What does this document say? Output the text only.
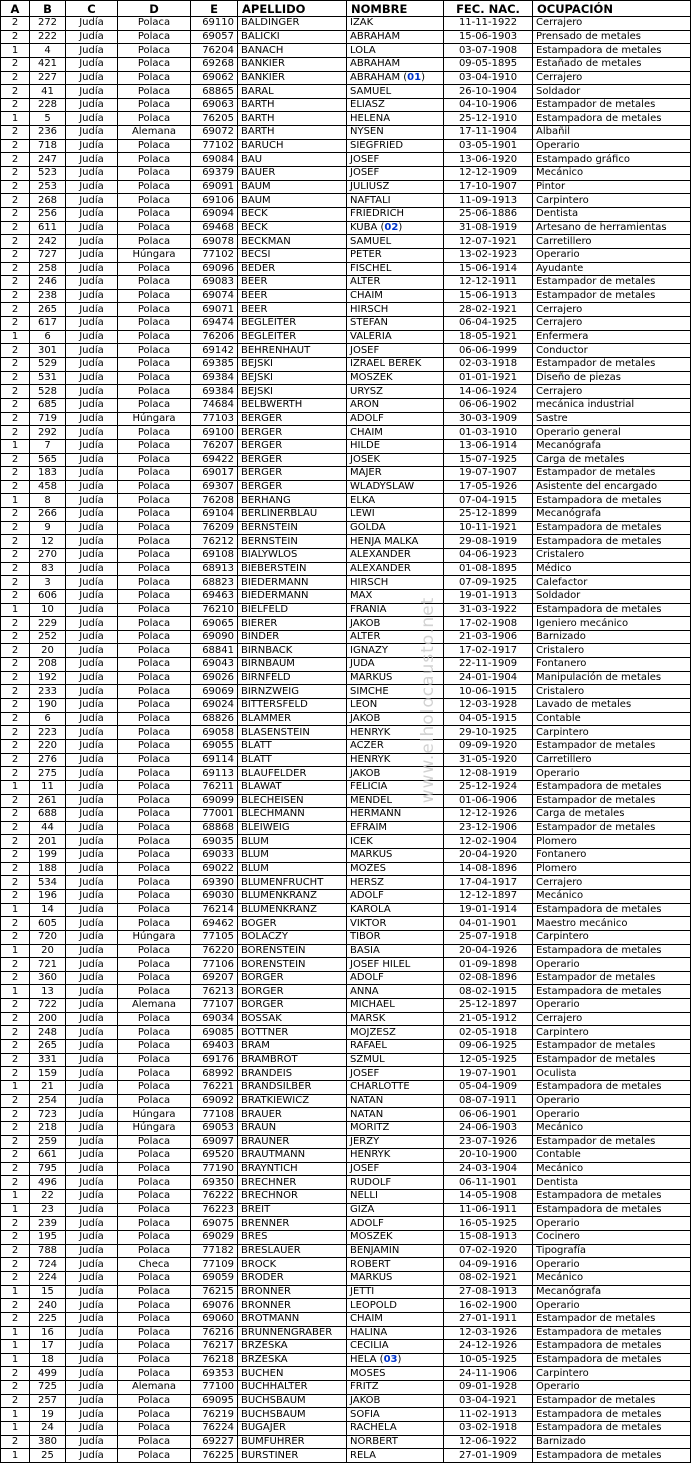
A	B	C	D	E	APELLIDO	NOMBRE	FEC. NAC.	OCUPACIÓN
2	272	Judía	Polaca	69110	BALDINGER	IZAK	11-11-1922	Cerrajero
2	222	Judía	Polaca	69057	BALICKI	ABRAHAM	15-06-1903	Prensado de metales
1	4	Judía	Polaca	76204	BANACH	LOLA	03-07-1908	Estampadora de metales
2	421	Judía	Polaca	69268	BANKIER	ABRAHAM	09-05-1895	Estañado de metales
2	227	Judía	Polaca	69062	BANKIER	ABRAHAM ( 01 )	03-04-1910	Cerrajero
2	41	Judía	Polaca	68865	BARAL	SAMUEL	26-10-1904	Soldador
2	228	Judía	Polaca	69063	BARTH	ELIASZ	04-10-1906	Estampador de metales
1	5	Judía	Polaca	76205	BARTH	HELENA	25-12-1910	Estampadora de metales
2	236	Judía	Alemana	69072	BARTH	NYSEN	17-11-1904	Albañil
2	718	Judía	Polaca	77102	BARUCH	SIEGFRIED	03-05-1901	Operario
2	247	Judía	Polaca	69084	BAU	JOSEF	13-06-1920	Estampado gráfico
2	523	Judía	Polaca	69379	BAUER	JOSEF	12-12-1909	Mecánico
2	253	Judía	Polaca	69091	BAUM	JULIUSZ	17-10-1907	Pintor
2	268	Judía	Polaca	69106	BAUM	NAFTALI	11-09-1913	Carpintero
2	256	Judía	Polaca	69094	BECK	FRIEDRICH	25-06-1886	Dentista
2	611	Judía	Polaca	69468	BECK	KUBA ( 02 )	31-08-1919	Artesano de herramientas
2	242	Judía	Polaca	69078	BECKMAN	SAMUEL	12-07-1921	Carretillero
2	727	Judía	Húngara	77102	BECSI	PETER	13-02-1923	Operario
2	258	Judía	Polaca	69096	BEDER	FISCHEL	15-06-1914	Ayudante
2	246	Judía	Polaca	69083	BEER	ALTER	12-12-1911	Estampador de metales
2	238	Judía	Polaca	69074	BEER	CHAIM	15-06-1913	Estampador de metales
2	265	Judía	Polaca	69071	BEER	HIRSCH	28-02-1921	Cerrajero
2	617	Judía	Polaca	69474	BEGLEITER	STEFAN	06-04-1925	Cerrajero
1	6	Judía	Polaca	76206	BEGLEITER	VALERIA	18-05-1921	Enfermera
2	301	Judía	Polaca	69142	BEHRENHAUT	JOSEF	06-06-1999	Conductor
2	529	Judía	Polaca	69385	BEJSKI	IZRAEL BEREK	02-03-1918	Estampador de metales
2	531	Judía	Polaca	69384	BEJSKI	MOSZEK	01-01-1921	Diseño de piezas
2	528	Judía	Polaca	69384	BEJSKI	URYSZ	14-06-1924	Cerrajero
2	685	Judía	Polaca	74684	BELBWERTH	ARON	06-06-1902	mecánica industrial
2	719	Judía	Húngara	77103	BERGER	ADOLF	30-03-1909	Sastre
2	292	Judía	Polaca	69100	BERGER	CHAIM	01-03-1910	Operario general
1	7	Judía	Polaca	76207	BERGER	HILDE	13-06-1914	Mecanógrafa
2	565	Judía	Polaca	69422	BERGER	JOSEK	15-07-1925	Carga de metales
2	183	Judía	Polaca	69017	BERGER	MAJER	19-07-1907	Estampador de metales
2	458	Judía	Polaca	69307	BERGER	WLADYSLAW	17-05-1926	Asistente del encargado
1	8	Judía	Polaca	76208	BERHANG	ELKA	07-04-1915	Estampadora de metales
2	266	Judía	Polaca	69104	BERLINERBLAU	LEWI	25-12-1899	Mecanógrafa
2	9	Judía	Polaca	76209	BERNSTEIN	GOLDA	10-11-1921	Estampadora de metales
2	12	Judía	Polaca	76212	BERNSTEIN	HENJA MALKA	29-08-1919	Estampadora de metales
2	270	Judía	Polaca	69108	BIALYWLOS	ALEXANDER	04-06-1923	Cristalero
2	83	Judía	Polaca	68913	BIEBERSTEIN	ALEXANDER	01-08-1895	Médico
2	3	Judía	Polaca	68823	BIEDERMANN	HIRSCH	07-09-1925	Calefactor
2	606	Judía	Polaca	69463	BIEDERMANN	MAX	19-01-1913	Soldador
1	10	Judía	Polaca	76210	BIELFELD	FRANIA	31-03-1922	Estampadora de metales
2	229	Judía	Polaca	69065	BIERER	JAKOB	17-02-1908	Igeniero mecánico
2	252	Judía	Polaca	69090	BINDER	ALTER	21-03-1906	Barnizado
2	20	Judía	Polaca	68841	BIRNBACK	IGNAZY	17-02-1917	Cristalero
2	208	Judía	Polaca	69043	BIRNBAUM	JUDA	22-11-1909	Fontanero
2	192	Judía	Polaca	69026	BIRNFELD	MARKUS	24-01-1904	Manipulación de metales
2	233	Judía	Polaca	69069	BIRNZWEIG	SIMCHE	10-06-1915	Cristalero
2	190	Judía	Polaca	69024	BITTERSFELD	LEON	12-03-1928	Lavado de metales
2	6	Judía	Polaca	68826	BLAMMER	JAKOB	04-05-1915	Contable
2	223	Judía	Polaca	69058	BLASENSTEIN	HENRYK	29-10-1925	Carpintero
2	220	Judía	Polaca	69055	BLATT	ACZER	09-09-1920	Estampador de metales
2	276	Judía	Polaca	69114	BLATT	HENRYK	31-05-1920	Carretillero
2	275	Judía	Polaca	69113	BLAUFELDER	JAKOB	12-08-1919	Operario
1	11	Judía	Polaca	76211	BLAWAT	FELICIA	25-12-1924	Estampadora de metales
2	261	Judía	Polaca	69099	BLECHEISEN	MENDEL	01-06-1906	Estampador de metales
2	688	Judía	Polaca	77001	BLECHMANN	HERMANN	12-12-1926	Carga de metales
2	44	Judía	Polaca	68868	BLEIWEIG	EFRAIM	23-12-1906	Estampador de metales
2	201	Judía	Polaca	69035	BLUM	ICEK	12-02-1904	Plomero
2	199	Judía	Polaca	69033	BLUM	MARKUS	20-04-1920	Fontanero
2	188	Judía	Polaca	69022	BLUM	MOZES	14-08-1896	Plomero
2	534	Judía	Polaca	69390	BLUMENFRUCHT	HERSZ	17-04-1917	Cerrajero
2	196	Judía	Polaca	69030	BLUMENKRANZ	ADOLF	12-12-1897	Mecánico
1	14	Judía	Polaca	76214	BLUMENKRANZ	KAROLA	19-01-1914	Estampadora de metales
2	605	Judía	Polaca	69462	BOGER	VIKTOR	04-01-1901	Maestro mecánico
2	720	Judía	Húngara	77105	BOLACZY	TIBOR	25-07-1918	Carpintero
1	20	Judía	Polaca	76220	BORENSTEIN	BASIA	20-04-1926	Estampadora de metales
2	721	Judía	Polaca	77106	BORENSTEIN	JOSEF HILEL	01-09-1898	Operario
2	360	Judía	Polaca	69207	BORGER	ADOLF	02-08-1896	Estampador de metales
1	13	Judía	Polaca	76213	BORGER	ANNA	08-02-1915	Estampadora de metales
2	722	Judía	Alemana	77107	BORGER	MICHAEL	25-12-1897	Operario
2	200	Judía	Polaca	69034	BOSSAK	MARSK	21-05-1912	Cerrajero
2	248	Judía	Polaca	69085	BOTTNER	MOJZESZ	02-05-1918	Carpintero
2	265	Judía	Polaca	69403	BRAM	RAFAEL	09-06-1925	Estampador de metales
2	331	Judía	Polaca	69176	BRAMBROT	SZMUL	12-05-1925	Estampador de metales
2	159	Judía	Polaca	68992	BRANDEIS	JOSEF	19-07-1901	Oculista
1	21	Judía	Polaca	76221	BRANDSILBER	CHARLOTTE	05-04-1909	Estampadora de metales
2	254	Judía	Polaca	69092	BRATKIEWICZ	NATAN	08-07-1911	Operario
2	723	Judía	Húngara	77108	BRAUER	NATAN	06-06-1901	Operario
2	218	Judía	Húngara	69053	BRAUN	MORITZ	24-06-1903	Mecánico
2	259	Judía	Polaca	69097	BRAUNER	JERZY	23-07-1926	Estampador de metales
2	661	Judía	Polaca	69520	BRAUTMANN	HENRYK	20-10-1900	Contable
2	795	Judía	Polaca	77190	BRAYNTICH	JOSEF	24-03-1904	Mecánico
2	496	Judía	Polaca	69350	BRECHNER	RUDOLF	06-11-1901	Dentista
1	22	Judía	Polaca	76222	BRECHNOR	NELLI	14-05-1908	Estampadora de metales
1	23	Judía	Polaca	76223	BREIT	GIZA	11-06-1911	Estampadora de metales
2	239	Judía	Polaca	69075	BRENNER	ADOLF	16-05-1925	Operario
2	195	Judía	Polaca	69029	BRES	MOSZEK	15-08-1913	Cocinero
2	788	Judía	Polaca	77182	BRESLAUER	BENJAMIN	07-02-1920	Tipografía
2	724	Judía	Checa	77109	BROCK	ROBERT	04-09-1916	Operario
2	224	Judía	Polaca	69059	BRODER	MARKUS	08-02-1921	Mecánico
1	15	Judía	Polaca	76215	BRONNER	JETTI	27-08-1913	Mecanógrafa
2	240	Judía	Polaca	69076	BRONNER	LEOPOLD	16-02-1900	Operario
2	225	Judía	Polaca	69060	BROTMANN	CHAIM	27-01-1911	Estampador de metales
1	16	Judía	Polaca	76216	BRUNNENGRABER	HALINA	12-03-1926	Estampadora de metales
1	17	Judía	Polaca	76217	BRZESKA	CECILIA	24-12-1926	Estampadora de metales
1	18	Judía	Polaca	76218	BRZESKA	HELA ( 03 )	10-05-1925	Estampadora de metales
2	499	Judía	Polaca	69353	BUCHEN	MOSES	24-11-1906	Carpintero
2	725	Judía	Alemana	77100	BUCHHALTER	FRITZ	09-01-1928	Operario
2	257	Judía	Polaca	69095	BUCHSBAUM	JAKOB	03-04-1921	Estampador de metales
1	19	Judía	Polaca	76219	BUCHSBAUM	SOFIA	11-02-1913	Estampadora de metales
1	24	Judía	Polaca	76224	BUGAJER	RACHELA	03-02-1918	Estampadora de metales
2	380	Judía	Polaca	69227	BUMFUHRER	NORBERT	12-06-1922	Barnizado
1	25	Judía	Polaca	76225	BURSTINER	RELA	27-01-1909	Estampadora de metales
www.elholocausto.net
